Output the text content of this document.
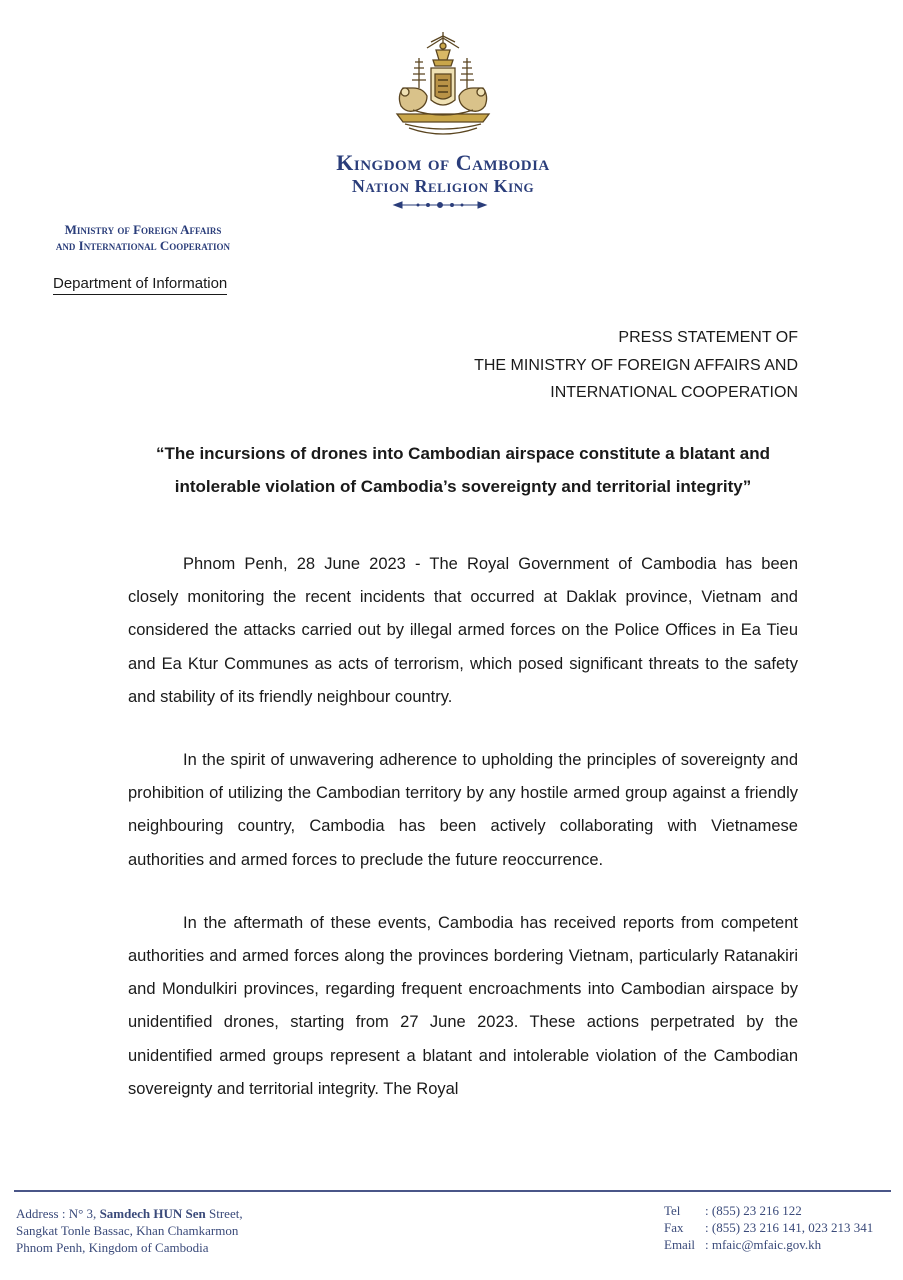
Kingdom of Cambodia
Nation Religion King
Ministry of Foreign Affairs
and International Cooperation
Department of Information
PRESS STATEMENT OF
THE MINISTRY OF FOREIGN AFFAIRS AND
INTERNATIONAL COOPERATION
“The incursions of drones into Cambodian airspace constitute a blatant and
intolerable violation of Cambodia’s sovereignty and territorial integrity”

Phnom Penh, 28 June 2023 - The Royal Government of Cambodia has been closely monitoring the recent incidents that occurred at Daklak province, Vietnam and considered the attacks carried out by illegal armed forces on the Police Offices in Ea Tieu and Ea Ktur Communes as acts of terrorism, which posed significant threats to the safety and stability of its friendly neighbour country.

In the spirit of unwavering adherence to upholding the principles of sovereignty and prohibition of utilizing the Cambodian territory by any hostile armed group against a friendly neighbouring country, Cambodia has been actively collaborating with Vietnamese authorities and armed forces to preclude the future reoccurrence.

In the aftermath of these events, Cambodia has received reports from competent authorities and armed forces along the provinces bordering Vietnam, particularly Ratanakiri and Mondulkiri provinces, regarding frequent encroachments into Cambodian airspace by unidentified drones, starting from 27 June 2023. These actions perpetrated by the unidentified armed groups represent a blatant and intolerable violation of the Cambodian sovereignty and territorial integrity. The Royal

Address : N° 3, Samdech HUN Sen Street,
Sangkat Tonle Bassac, Khan Chamkarmon
Phnom Penh, Kingdom of Cambodia
Tel	: (855) 23 216 122
Fax	: (855) 23 216 141, 023 213 341
Email : mfaic@mfaic.gov.kh
